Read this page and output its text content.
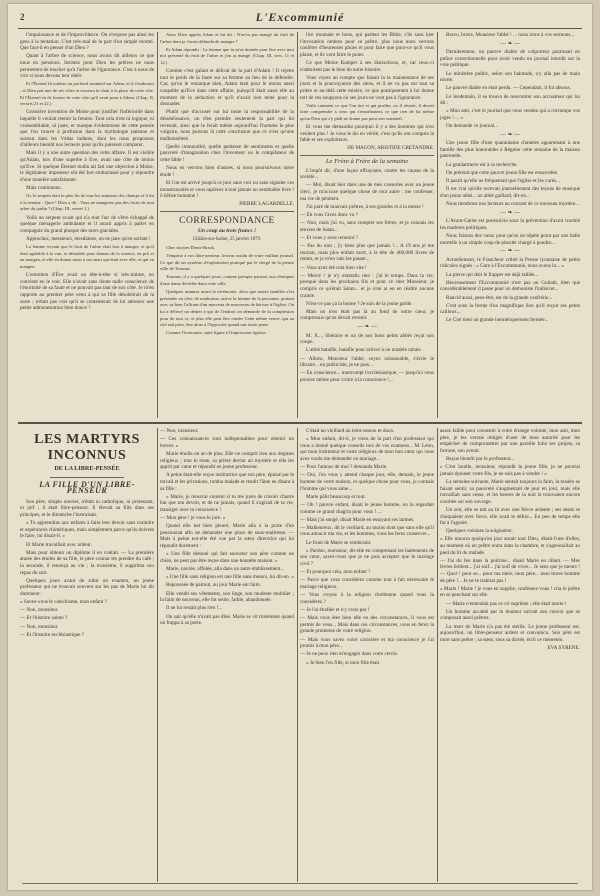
2	L'Excommunié

l'impuissance et de l'improvidence. On n'expose pas ainsi les gens à la tentation. C'est très-mal de la part d'un simple mortel. Que faut-il en penser d'un Dieu ?

Quant à l'arbre de science, nous avons dit ailleurs ce que nous en pensions. Insistez pour Dieu les prêtres ne nous permettent de toucher qu'à l'arbre de l'ignorance. C'est à nous de voir si nous devons leur obéir.

Et l'Éternel fit tomber un profond sommeil sur Adam, et il s'endormit ; et Dieu prit une de ses côtes et resserra la chair à la place de cette côte. Et l'Éternel en fit former de cette côte qu'il avait prise à Adam. (Chap. II, versets 21 et 22.)

Grossière invention de Moïse pour justifier l'infériorité dans laquelle il voulait retenir la femme. Tout cela n'est ni logique, ni vraisemblable, ni juste, et masque évidemment de cette pensée que l'on trouve à profusion dans la mythologie païenne et surtout dans les Védas indiens, dont les nous proposons d'ailleurs bientôt nos lecteurs pour qu'ils puissent comparer.

Mais il y a une autre question des cette affaire. Il est visible qu'Adam, lors d'une superbe à Eve, avait une côte de moins qu'Eve. Si quelque Éternel malin ait fait une objection à Moïse, le législateur imposteur eût été fort embarrassé pour y répondre d'une manière satisfaisante.

Mais continuons.

Or, le serpent était le plus fin de tous les animaux des champs et il dit à la femme : Quoi ! Dieu a dit : Vous ne mangerez pas des fruits de tout arbre du jardin ? (Chap. III, verset 1.)

Voilà un serpent avant qui n'a tout l'air de s'être échappé de quelque ménagerie ambulante et il aurait appris à parler en compagnie du grand phoque des mers glaciales.

Approchez, messieurs, mesdames, on ne paie qu'en sortant !

La femme voyant que le fruit de l'arbre était bon à manger, et qu'il était agréable à la vue, et désirable pour donner de la science, en prit et en mangea, et elle en donna aussi à son mari qui était avec elle, et qui en mangea.

L'entretien d'Ève avait un tête-à-tête si très-intime, on convient en le voit. Elle n'avait sans doute nulle conscience de l'énormité de sa faute et ne pouvait pas tant de son côté. Je m'en rapporte au premier père venu à qui sa fille désobéirait de la sorte ; n'était pas vrai qu'il se contenterait de lui adresser une petite admonestation bien douce ?

Alors Dieu appela Adam et lui dit : N'as-tu pas mangé du fruit de l'arbre dont je t'avais défendu de manger ?

Et Adam répondit : La femme que tu m'as donnée pour être avec moi m'a présenté du fruit de l'arbre et j'en ai mangé. (Chap. III, vers. 11 et 12.)

Comme c'est galant et délicat de la part d'Adam ! Il rejette tout le poids de la faute sur sa femme au lieu de la défendre. Car, qu'on le remarque bien, Adam était pour le moins aussi coupable qu'Eve dans cette affaire, puisqu'il était aussi elle au moment de la séduction et qu'il n'avait rien tenté pour la dissuader.

Plutôt que d'accuser sur lui toute la responsabilité de la désobéissance, ou d'en prendre seulement la part qui lui revenait, ainsi que le ferait même aujourd'hui l'homme le plus vulgaire, nous puisons là cette conclusion que ce n'est qu'une malhonnêteté.

Quelle immoralité, quelle petitesse de sentiments et quelle pauvreté d'imagination chez l'inventeur ou le compilateur de cette fable !

Nous en verrons bien d'autres, si nous poursuivons notre étude !

Et l'on est arrivé jusqu'à ce jour sans voir ou sans signaler ces monstruosités et vous rapiécez à tout jamais un semblable livre ! ô bêtise humaine !

PIERRE LAGARDELLE.

CORRESPONDANCE
Un coup au trois francs !

Châlon-sur-Saône, 25 janvier 1879.

Cher citoyen Denis-Brack,

J'emprise à vos libre-penseur, lecteur assidu de votre vaillant journal. Ce que dit un système d'exploitation pratiqué par le clergé de la pieuse ville de Tournus.

Tournus, il y a quelques jours, comme presque partout, aux obsèques d'une dame décédée dans cette ville.

Quelques minutes avant la cérémonie, alors que toutes familles s'est présentée au clerc de mathurins, arrive la femme de la personne, portant avec sa bien l'offrant d'un morceau de morceaux de hérisse à l'église. On lui a délivré un denier à qui de l'endroit on demande de la complexion pour de tout ce, et plus elle peut être rendre Cette même veuve, qui au ciel sait prier, être alors à l'hypocrite quand une triste perte.

Comme l'économie, suite figure à l'impression égoïste.

lice monnaie et bons, qui parlent les Bible, s'ils sans hier l'invocation ombres pour ce prêtre, plus nous nous verrons conférer d'heureuses pluies et pour faire que pour-ce qu'il vous plaise, et ils vont faire le point.

Ce que Meine Kamper à ses distractions, et, car ceux-ci n'admirent pas le bien de notre histoire.

Vous voyez un compte que faisait la la maintenance de ses jours et la pourvoyance des siens, et il ne va pas sur tout sa prière et au-delà cette misère, ce que pratiquement à lui donne tort de ces soupçons où ses jours ne vont pas à l'ignorance.

Voilà vraiment ce que l'on tint et qui profite, ou il réussit, il devait faire comprendre a ceux qui s'entraînaient, ce que rien de lui même qu'un Dieu qui s'y plaît ne donne pas pour son sommeil.

Et vous me demandez pourquoi il y a des hommes qui n'en veulent plus ! Je vous le dis en vérité, c'est qu'ils ont compris la fable et ses exploiteurs.

DE MACON, ARISTIDE CRETANDRE.

Le Frère à Frère de la semaine

L'impôt dit, d'une façon effrayante, contre les causes de la société...

— Moi, disait hier dans une de mes causeries avec un jeune clerc, je m'accuse quelque chose de tout autre : me confesser, ma vie de pénitent.

J'ai paré de mauvais prêtres, à ses grandes et à la messe !

— Eh vous l'avez donc vu ?

— Non, mais j'ai vu, sans compter ses frères, et je connais les œuvres de Satan...

— Et vous y avez renoncé ?

— Pas du tout ; j'y tiens plus que jamais !... A 19 ans je me tournai, mais plus enfant mort, à la tête de 400,000 livres de rentes, et je m'en vais les passer...

— Vous avez été cela bien vite !

— Mercé ! je n'y entendis rien : j'ai le temps. Dans la vie, presque dans les prochains fils et pour ce cher Monsieur, je compris ce qu'était Satan... et je n'en ai eu en réalité aucune crainte.

N'est-ce pas ça la bonne ? Je suis de la jeune garde.

Mais on n'en était pas là au fond de notre cœur, je comprenais qu'on devait revenir.

— ❧ —

M. X..., libéraire et un de nos bons petits abbés reçut son coupe.

L'abbé bataille, bataille pour arriver à un notable rabais.

— Allons, Monsieur l'abbé, soyez raisonnable, s'écrie le libraire... en publiciste, je ne puis...

— En conscience... interrompt l'ecclésiastique, — jusqu'ici vous pouvez même pour croire à la conscience !...

Bravo, brave, Monsieur l'abbé ! ... nous irons à vos sermons...

— ❧ —

Dernièrement, un pauvre diable de colporteur paraissait en police correctionnelle pour avoir vendu un journal interdit sur la voie publique.

Le ministère public, selon son habitude, n'y alla pas de main morte.

Le pauvre diable en était perdu. — Cependant, il fut absous.

Le lendemain, il se trouva de rencontrer son accusateur qui lui dit :

« Mon ami, c'est le journal que vous vendez qui a corrompu vos juges ! ... »

On demande ce journal...

— ❧ —

Une jeune fille d'une quarantaine d'années appartenant à une famille des plus honorables à Régnier cette semaine de la maison paternelle.

La gendarmerie est à sa recherche.

On prétend que cette pauvre jeune fille est ensorcelée.

Il paraît qu'elle ne fréquentait que l'église et les curés...

Il est vrai qu'elle recevait journellement des leçons de musique d'un jeune abbé... un abbé gaillard, dit-on...

Nous tiendrons nos lecteurs au courant de ce nouveau mystère...

— ❧ —

L'Avant-Garde est poursuivie sous la prévention d'avoir troublé les matières politiques.

Nous faisons des vœux pour qu'on ne répète point par une balle mortelle à un simple coup de pistolet chargé à poudre...

— ❧ —

Actuellement, le Francheur criblé la Presse lyonnaise de petits ridicules signés : « Gare à l'Excommunié, nous avons lu... »

La pierre qui doit le frapper est déjà taillée...

Heureusement l'Excommunié n'est pas un Goliath, bien que considérablement il passe pour un démoniste l'indiscret...

Rancid aussi, peut-être, est de la grande confrérie...

C'est sous la forme d'un magnifique lion qu'il reçoit ses petits cailloux...

Le Ciel tient un grande hermétiquement fermée...

LES MARTYRS INCONNUS
DE LA LIBRE-PENSÉE
LA FILLE D'UN LIBRE-PENSEUR

Son père, simple ouvrier, n'était ni catholique, ni protestant, ni juif ; il était libre-penseur. Il élevait sa fille dans ses principes, et le dimanche l'instruisait.

« Tu apprendras aux enfants à faire leur devoir sans craindre et espérances chimériques, mais simplement parce qu'ils doivent le faire, lui disait-il. »

Et Marie travaillait avec ardeur.

Mais pour obtenir un diplôme il en coûtait. — La première année des études de sa fille, le père connut les prendre du café ; la seconde, il renonça au vin ; la troisième, il supprima son repas du soir.

Quelques jours avant de subir un examen, un jeune professeur qui ne trouvait souvent sur les pas de Marie lui dit durement :

« Savez-vous le catéchisme, mon enfant ?

— Non, monsieur.

— Et l'histoire sainte ?

— Non, monsieur.

— Et l'histoire ecclésiastique ?

— Non, monsieur.

— Ces connaissances sont indispensables pour obtenir un brevet. »

Marie étudia un an de plus. Elle ne comprit rien aux dogmes religieux ; tout le reste, sa prière devint un mystère et elle les apprit par cœur et répondit en jeune professeur.

A peine était-elle reçue institutrice que son père, épuisé par le travail et les privations, tomba malade et rendit l'âme en disant à sa fille :

« Marie, je mourrai content si tu me jures de n'avoir d'autre but que ton devoir, et de ne jamais, quand il s'agirait de ta vie, transiger avec ta conscience !

— Mon père ! je vous le jure. »

Quand elle eut bien pleuré, Marie alla à la porte d'un pensionnat afin de demander une place de sous-maîtresse. — Mais à peine eut-elle été vue par la sœur directrice qui lui répondit durement :

« Une fille démuni qui fait souvenir son père comme un chien, ne peut pas être reçue dans une honnête maison. »

Marie, navrée, affolée, alla dans un autre établissement...

« Une fille sans religion est une fille sans mœurs, lui dit-on. »

Repoussée de partout, au jour Marie eut faim.

Elle vendit ses vêtements, son linge, son modeste mobilier ; la faim de nouveau, elle fut seule, faible, abandonnée.

Il ne lui restait plus rien !...

On sait qu'elle n'avait pas dîné. Marie se vit tristement quand on frappa à sa porte.

C'était un vieillard au teint osseux et doux.

« Mon enfant, dit-il, je viens de la part d'un professeur qui vous a donné quelque conseils lors de vos examens... M. Léon, qui mon instituteur et votre religieux de mon bon cœur qui vous avez voulu me demander en mariage...

— Pour l'amour de moi ? demanda Marie.

— Oui, l'on vous y attend chaque jour, elle, demain, le jeune homme de votre maison, et quelque chose pour vous, je connais l'homme qui vous aime...

Marie pâlit beaucoup et tout.

— Oh ! pauvre enfant, disait le jeune homme, on la regardait comme ce grand chagrin pour vous ! ...

— Mais j'ai songé, disait Marie en essayant ses larmes.

— Malheureux, dit le vieillard, au moins dont que sans elle qu'il vous adoucir ma vie, et les hommes, vous les ferez conserver...

Le front de Marie se rembrunit.

« Pardon, monsieur, dit-elle en comprenant les battements de son cœur, savez-vous que je ne puis accepter que le mariage civil ?

— Et pourquoi cela, mon enfant ?

— Parce que vous considérez comme tout à fait nécessaire le mariage religieux.

— Vous croyez à la religion chrétienne quand vous la considérez ?

— Je l'ai étudiée et n'y crois pas !

— Mais vous êtes bien elle en des circonstances, il vous est permis de vous... Mais dans ces circonstances, vous en ferez la grande promesse de votre religion.

— Mais vous savez votre caractère et ma conscience je l'ai promis à mon père...

— Je ne peux rien m'engager dans votre cercle.

« Je bien l'en fille, si mon fille était

assez faible pour consentir à votre étrange volonté, mon ami, mon père, je les verrais obligés d'user de mon autorité pour les empêcher de compromettre par une pareille folie ses projets, sa fortune, son avenir.

Reçue bientôt par le professeur...

« C'est inutile, monsieur, répondit la jeune fille, je ne pourrai jamais épouser votre fils, je ne suis pas à vendre ! »

La semaine suivante, Marie sentait toujours la faim, la misère se faisait sentir, sa pauvreté s'augmentait de jour en jour, mais elle travaillait sans cesse, et les heures de la nuit la trouvaient encore courbée sur son ouvrage.

Un soir, elle se mit au lit avec une fièvre ardente ; ses dents se choquaient avec force, elle avait le délire... En peu de temps elle fut à l'agonie.

Quelques voisines la soignaient.

« Elle mourra quoiqu'un jour aurait tout Dieu, disait-l'une d'elles, au moment où un prêtre entra dans la chambre, et s'agenouillait au pied du lit du malade.

— J'ai du feu dans la poitrine... disait Marie en râlant. — Mes lèvres brûlent... j'ai soif... j'ai soif de vivre... Je sens que je meurs ! — Quoi ! pour se... pour ma mère, mon père... mon brave homme de père !... Je ne le trahirai pas !

« Marie ! Marie ! je vous en supplie, confessez-vous ! cria le prêtre en se penchant sur elle.

— Marie n'entendait pas ce cri suprême ; elle était morte !

Un homme accablé par la douleur suivait son convoi que se composait aussi prêtres.

La mort de Marie n'a pas été stérile. Le jeune professeur est, aujourd'hui, un libre-penseur ardent et convaincu. Son père est mort sans prêtre ; sa sœur, sous sa dictée, écrit ce memento.

EVA SYRENE.
